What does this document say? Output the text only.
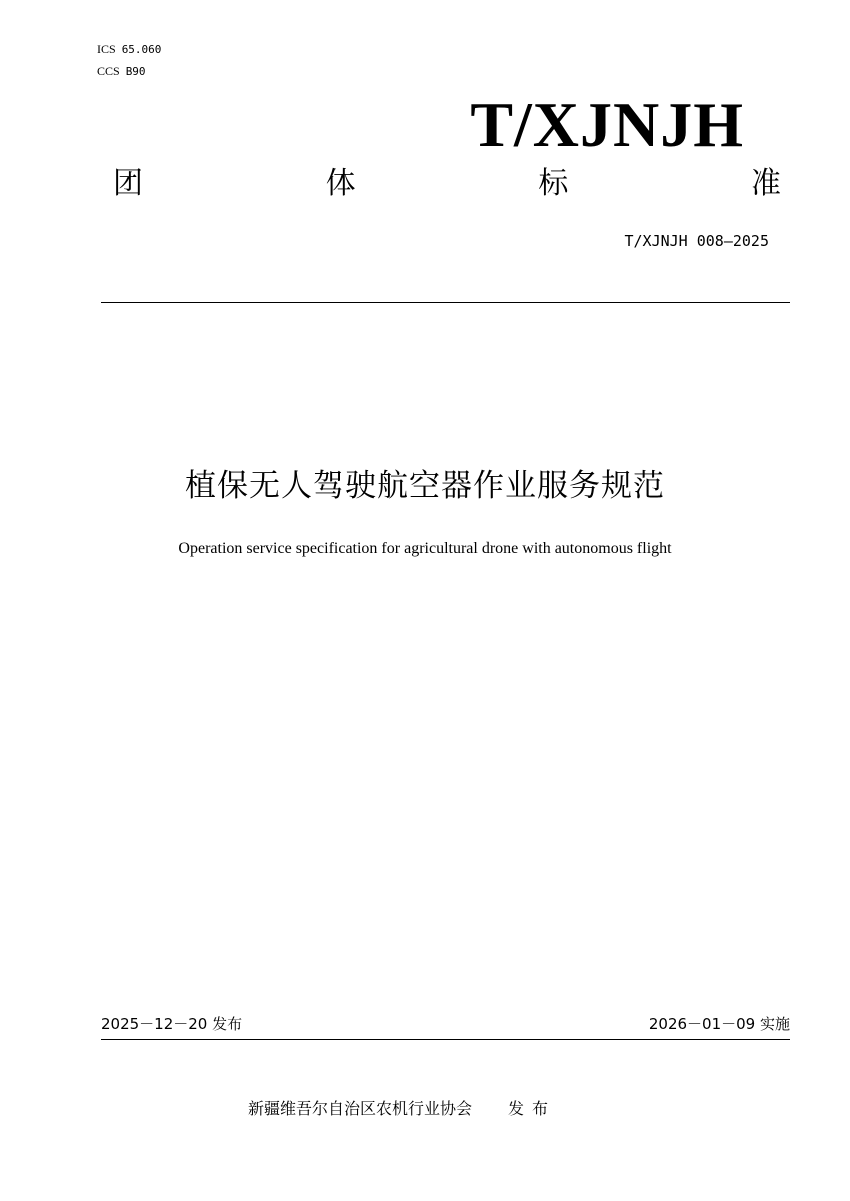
ICS 65.060
CCS B90
T/XJNJH
团	体	标	准
T/XJNJH 008—2025
植保无人驾驶航空器作业服务规范
Operation service specification for agricultural drone with autonomous flight
2025－12－20 发布	2026－01－09 实施
新疆维吾尔自治区农机行业协会 发布
